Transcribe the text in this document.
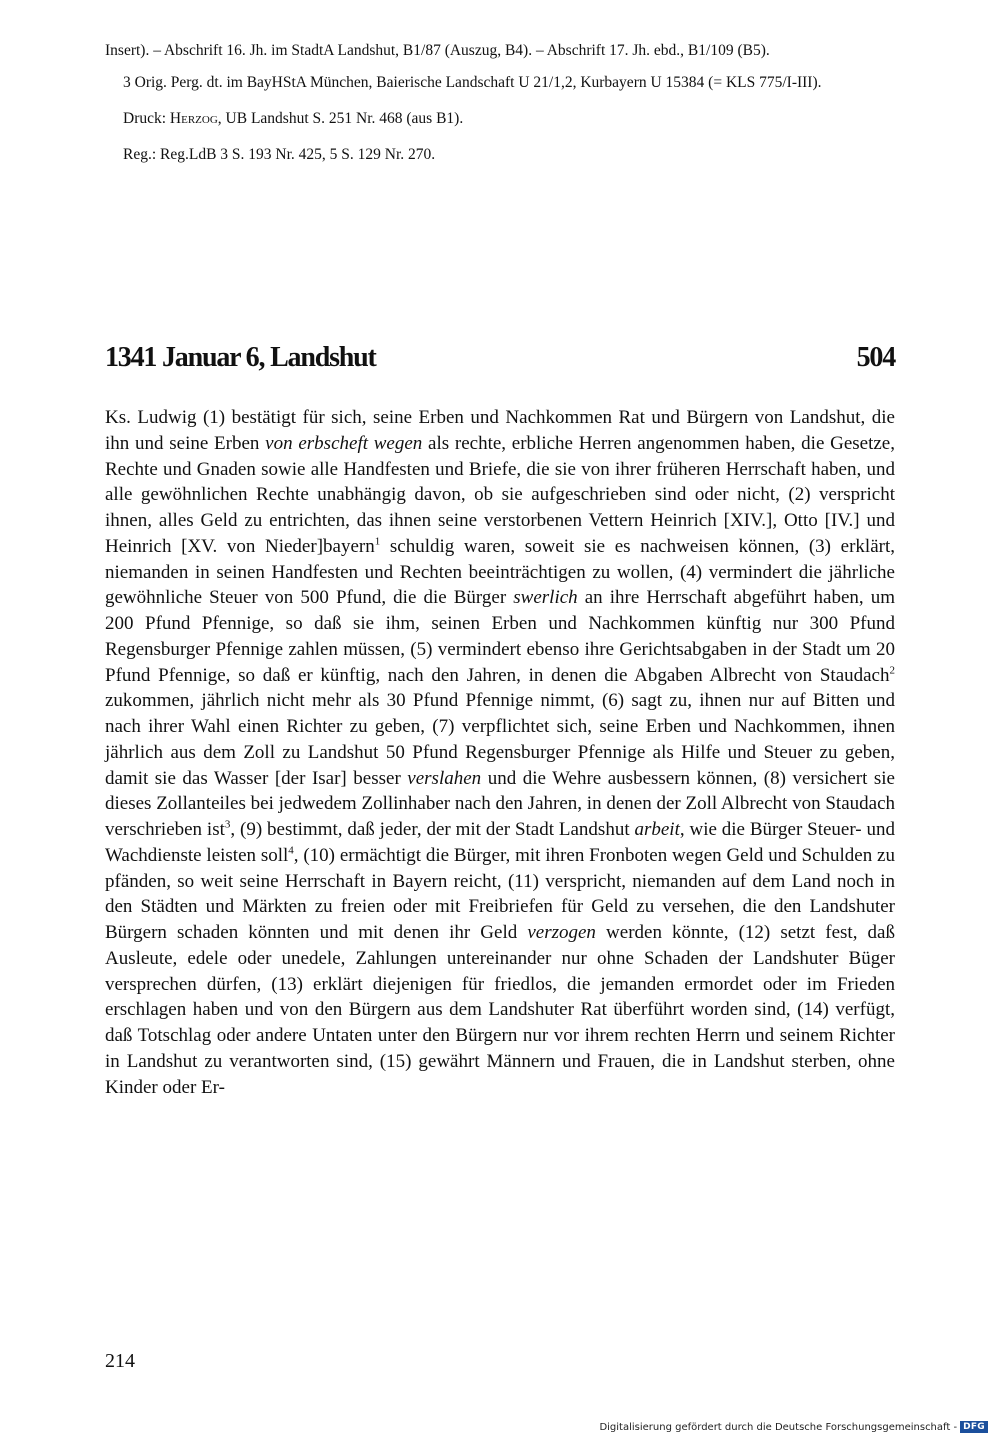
Insert). – Abschrift 16. Jh. im StadtA Landshut, B1/87 (Auszug, B4). – Abschrift 17. Jh. ebd., B1/109 (B5).

3 Orig. Perg. dt. im BayHStA München, Baierische Landschaft U 21/1,2, Kurbayern U 15384 (= KLS 775/I-III).

Druck: Herzog, UB Landshut S. 251 Nr. 468 (aus B1).

Reg.: Reg.LdB 3 S. 193 Nr. 425, 5 S. 129 Nr. 270.

1341 Januar 6, Landshut	504

Ks. Ludwig (1) bestätigt für sich, seine Erben und Nachkommen Rat und Bürgern von Landshut, die ihn und seine Erben von erbscheft wegen als rechte, erbliche Herren angenommen haben, die Gesetze, Rechte und Gnaden sowie alle Handfesten und Briefe, die sie von ihrer früheren Herrschaft haben, und alle gewöhnlichen Rechte unabhängig davon, ob sie aufgeschrieben sind oder nicht, (2) verspricht ihnen, alles Geld zu entrichten, das ihnen seine verstorbenen Vettern Heinrich [XIV.], Otto [IV.] und Heinrich [XV. von Nieder]bayern$^1$ schuldig waren, soweit sie es nachweisen können, (3) erklärt, niemanden in seinen Handfesten und Rechten beeinträchtigen zu wollen, (4) vermindert die jährliche gewöhnliche Steuer von 500 Pfund, die die Bürger swerlich an ihre Herrschaft abgeführt haben, um 200 Pfund Pfennige, so daß sie ihm, seinen Erben und Nachkommen künftig nur 300 Pfund Regensburger Pfennige zahlen müssen, (5) vermindert ebenso ihre Gerichtsabgaben in der Stadt um 20 Pfund Pfennige, so daß er künftig, nach den Jahren, in denen die Abgaben Albrecht von Staudach$^2$ zukommen, jährlich nicht mehr als 30 Pfund Pfennige nimmt, (6) sagt zu, ihnen nur auf Bitten und nach ihrer Wahl einen Richter zu geben, (7) verpflichtet sich, seine Erben und Nachkommen, ihnen jährlich aus dem Zoll zu Landshut 50 Pfund Regensburger Pfennige als Hilfe und Steuer zu geben, damit sie das Wasser [der Isar] besser verslahen und die Wehre ausbessern können, (8) versichert sie dieses Zollanteiles bei jedwedem Zollinhaber nach den Jahren, in denen der Zoll Albrecht von Staudach verschrieben ist$^3$, (9) bestimmt, daß jeder, der mit der Stadt Landshut arbeit, wie die Bürger Steuer- und Wachdienste leisten soll$^4$, (10) ermächtigt die Bürger, mit ihren Fronboten wegen Geld und Schulden zu pfänden, so weit seine Herrschaft in Bayern reicht, (11) verspricht, niemanden auf dem Land noch in den Städten und Märkten zu freien oder mit Freibriefen für Geld zu versehen, die den Landshuter Bürgern schaden könnten und mit denen ihr Geld verzogen werden könnte, (12) setzt fest, daß Ausleute, edele oder unedele, Zahlungen untereinander nur ohne Schaden der Landshuter Büger versprechen dürfen, (13) erklärt diejenigen für friedlos, die jemanden ermordet oder im Frieden erschlagen haben und von den Bürgern aus dem Landshuter Rat überführt worden sind, (14) verfügt, daß Totschlag oder andere Untaten unter den Bürgern nur vor ihrem rechten Herrn und seinem Richter in Landshut zu verantworten sind, (15) gewährt Männern und Frauen, die in Landshut sterben, ohne Kinder oder Er-

214
Digitalisierung gefördert durch die Deutsche Forschungsgemeinschaft - DFG
